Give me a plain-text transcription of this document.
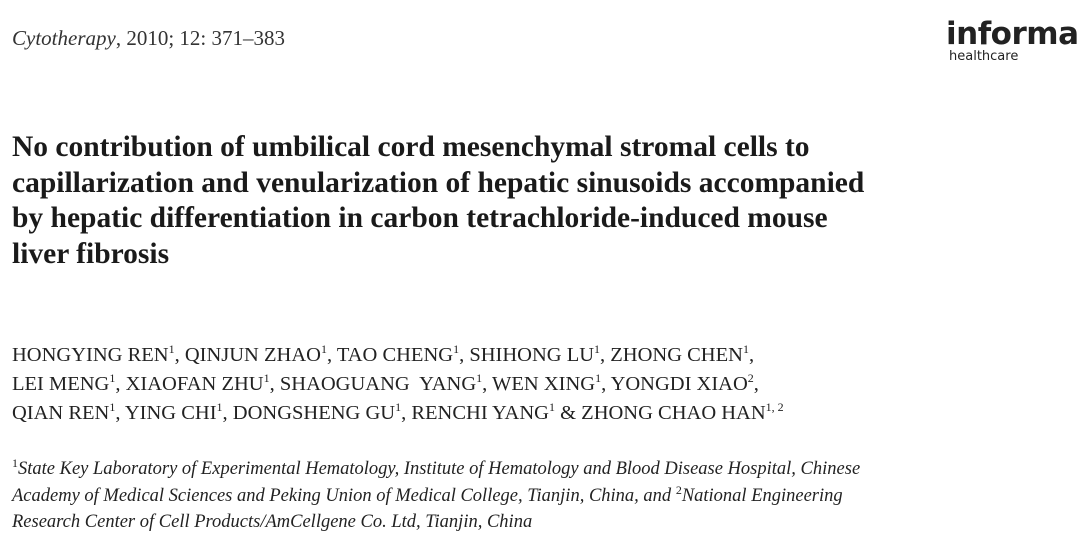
Cytotherapy, 2010; 12: 371–383	informa
healthcare
No contribution of umbilical cord mesenchymal stromal cells to
capillarization and venularization of hepatic sinusoids accompanied
by hepatic differentiation in carbon tetrachloride-induced mouse
liver fibrosis
HONGYING REN$^1$, QINJUN ZHAO$^1$, TAO CHENG$^1$, SHIHONG $LU^1$, ZHONG CHEN$^1$,
LEI MENG$^1$, XIAOFAN ZHU$^1$, SHAOGUANG  YANG$^1$, WEN XING$^1$, YONGDI XIAO$^2$,
QIAN REN$^1$, YING CHI$^1$, DONGSHENG $GU^1$, RENCHI YANG$^1$ & ZHONG CHAO HAN$^{1, 2}$
$^1$State Key Laboratory of Experimental Hematology, Institute of Hematology and Blood Disease Hospital, Chinese
Academy of Medical Sciences and Peking Union of Medical College, Tianjin, China, and $^2$National Engineering
Research Center of Cell Products/AmCellgene Co. Ltd, Tianjin, China
